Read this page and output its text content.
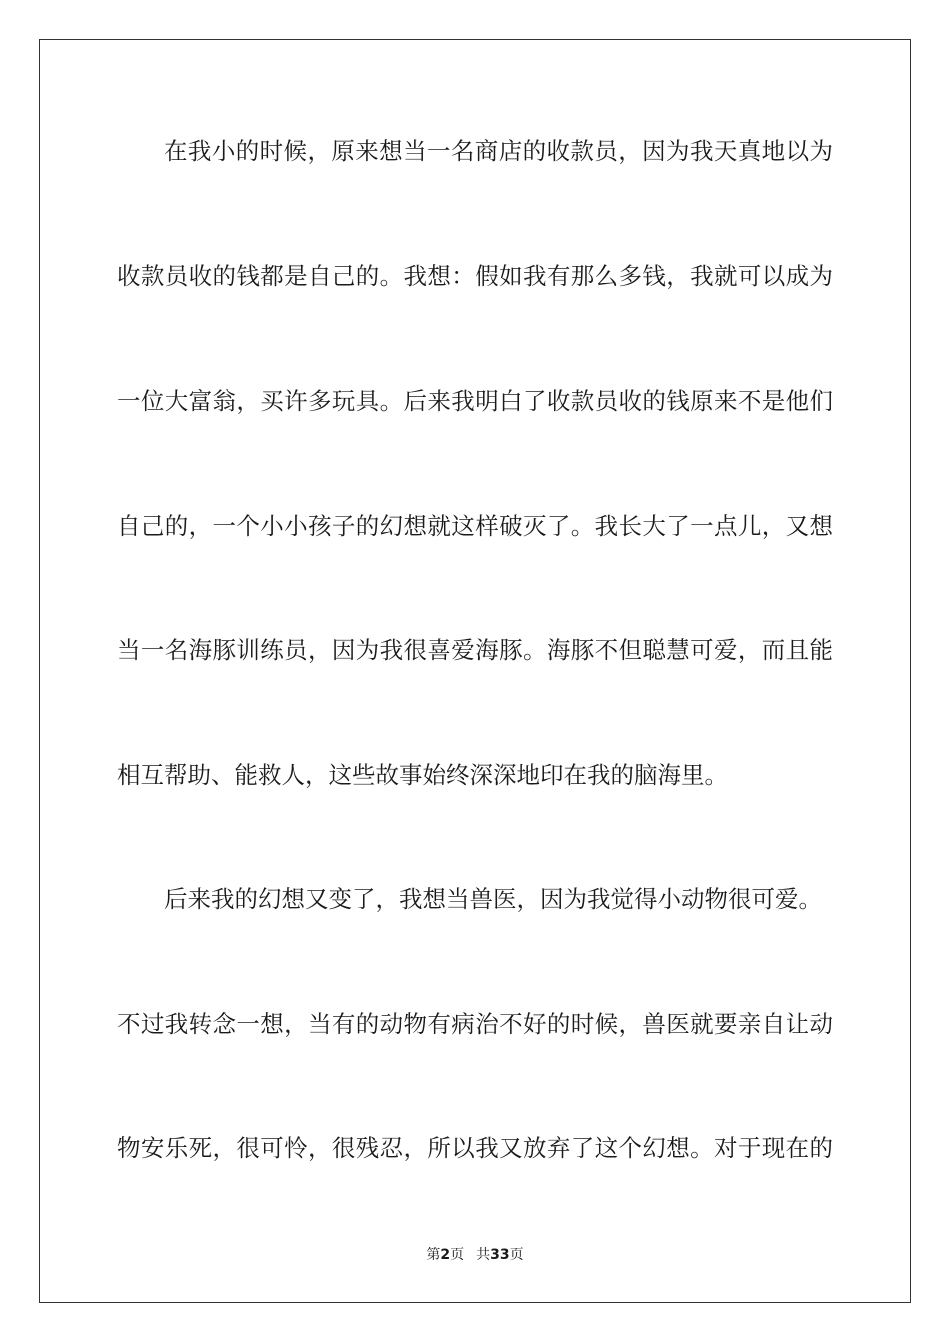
在我小的时候，原来想当一名商店的收款员，因为我天真地以为
收款员收的钱都是自己的。我想：假如我有那么多钱，我就可以成为
一位大富翁，买许多玩具。后来我明白了收款员收的钱原来不是他们
自己的，一个小小孩子的幻想就这样破灭了。我长大了一点儿，又想
当一名海豚训练员，因为我很喜爱海豚。海豚不但聪慧可爱，而且能
相互帮助、能救人，这些故事始终深深地印在我的脑海里。
后来我的幻想又变了，我想当兽医，因为我觉得小动物很可爱。
不过我转念一想，当有的动物有病治不好的时候，兽医就要亲自让动
物安乐死，很可怜，很残忍，所以我又放弃了这个幻想。对于现在的
第2页 共33页
